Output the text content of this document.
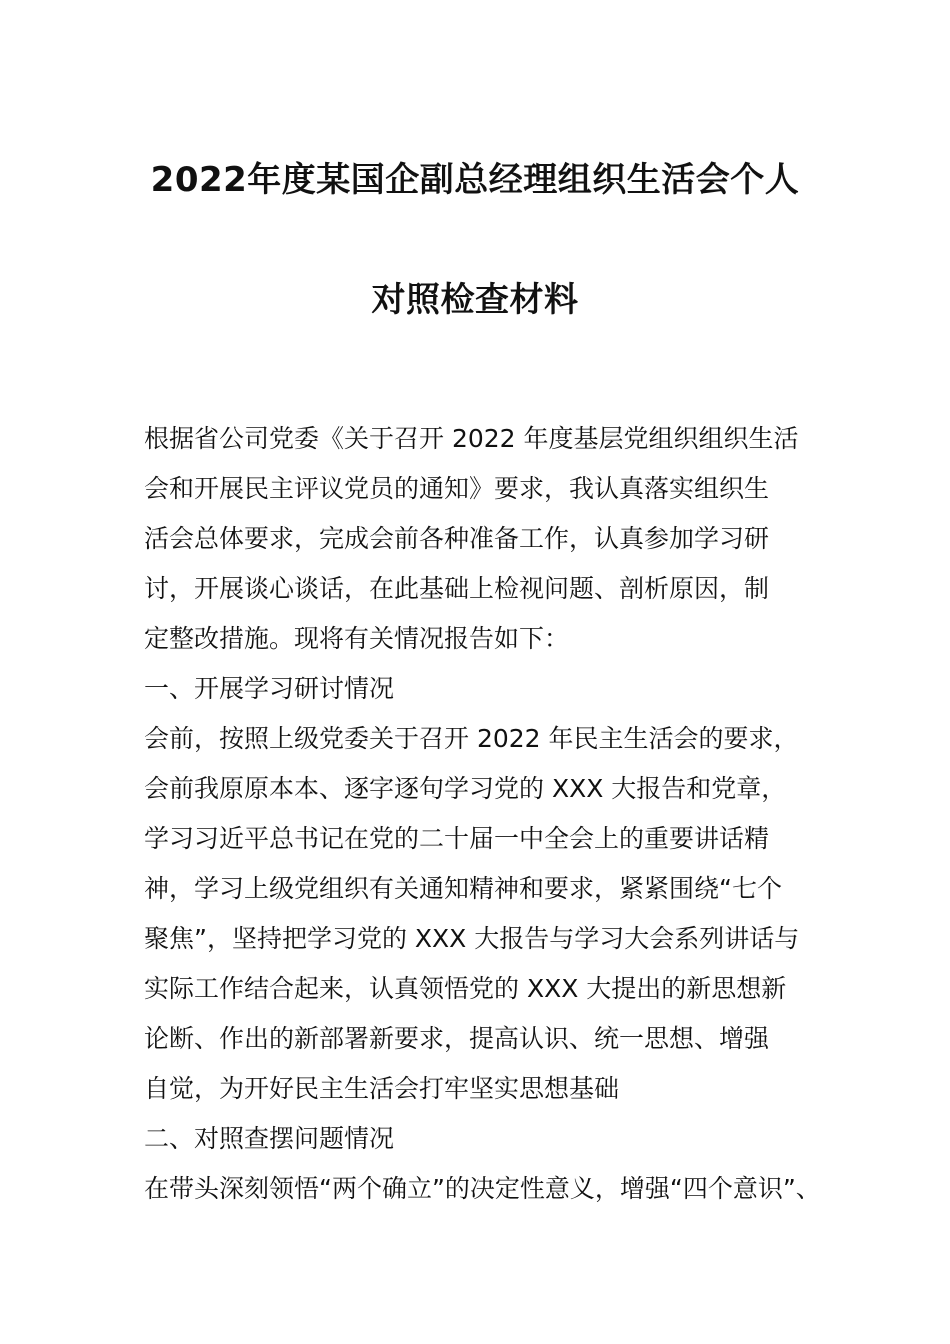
2022年度某国企副总经理组织生活会个人
对照检查材料
根据省公司党委《关于召开 2022 年度基层党组织组织生活
会和开展民主评议党员的通知》要求，我认真落实组织生
活会总体要求，完成会前各种准备工作，认真参加学习研
讨，开展谈心谈话，在此基础上检视问题、剖析原因，制
定整改措施。现将有关情况报告如下：
一、开展学习研讨情况
会前，按照上级党委关于召开 2022 年民主生活会的要求，
会前我原原本本、逐字逐句学习党的 XXX 大报告和党章，
学习习近平总书记在党的二十届一中全会上的重要讲话精
神，学习上级党组织有关通知精神和要求，紧紧围绕“七个
聚焦”，坚持把学习党的 XXX 大报告与学习大会系列讲话与
实际工作结合起来，认真领悟党的 XXX 大提出的新思想新
论断、作出的新部署新要求，提高认识、统一思想、增强
自觉，为开好民主生活会打牢坚实思想基础
二、对照查摆问题情况
在带头深刻领悟“两个确立”的决定性意义，增强“四个意识”、
